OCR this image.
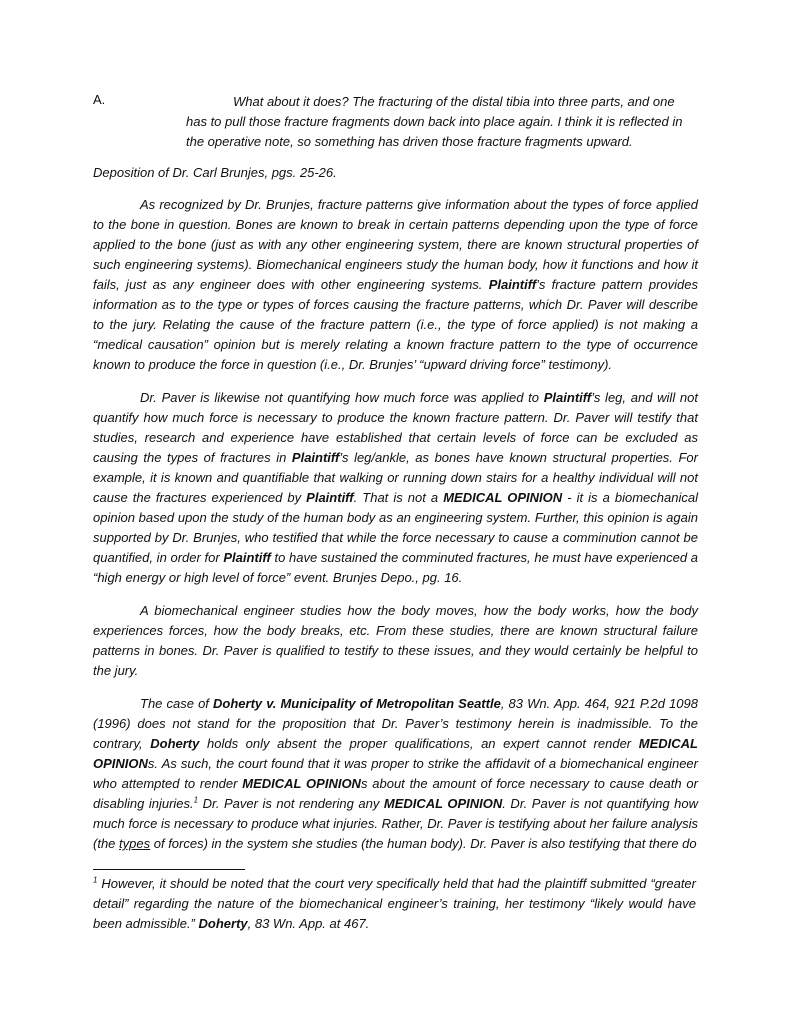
A.	What about it does? The fracturing of the distal tibia into three parts, and one has to pull those fracture fragments down back into place again. I think it is reflected in the operative note, so something has driven those fracture fragments upward.

Deposition of Dr. Carl Brunjes, pgs. 25-26.

As recognized by Dr. Brunjes, fracture patterns give information about the types of force applied to the bone in question. Bones are known to break in certain patterns depending upon the type of force applied to the bone (just as with any other engineering system, there are known structural properties of such engineering systems). Biomechanical engineers study the human body, how it functions and how it fails, just as any engineer does with other engineering systems. Plaintiff’s fracture pattern provides information as to the type or types of forces causing the fracture patterns, which Dr. Paver will describe to the jury. Relating the cause of the fracture pattern (i.e., the type of force applied) is not making a “medical causation” opinion but is merely relating a known fracture pattern to the type of occurrence known to produce the force in question (i.e., Dr. Brunjes’ “upward driving force” testimony).

Dr. Paver is likewise not quantifying how much force was applied to Plaintiff’s leg, and will not quantify how much force is necessary to produce the known fracture pattern. Dr. Paver will testify that studies, research and experience have established that certain levels of force can be excluded as causing the types of fractures in Plaintiff’s leg/ankle, as bones have known structural properties. For example, it is known and quantifiable that walking or running down stairs for a healthy individual will not cause the fractures experienced by Plaintiff. That is not a MEDICAL OPINION - it is a biomechanical opinion based upon the study of the human body as an engineering system. Further, this opinion is again supported by Dr. Brunjes, who testified that while the force necessary to cause a comminution cannot be quantified, in order for Plaintiff to have sustained the comminuted fractures, he must have experienced a “high energy or high level of force” event. Brunjes Depo., pg. 16.

A biomechanical engineer studies how the body moves, how the body works, how the body experiences forces, how the body breaks, etc. From these studies, there are known structural failure patterns in bones. Dr. Paver is qualified to testify to these issues, and they would certainly be helpful to the jury.

The case of Doherty v. Municipality of Metropolitan Seattle, 83 Wn. App. 464, 921 P.2d 1098 (1996) does not stand for the proposition that Dr. Paver’s testimony herein is inadmissible. To the contrary, Doherty holds only absent the proper qualifications, an expert cannot render MEDICAL OPINIONs. As such, the court found that it was proper to strike the affidavit of a biomechanical engineer who attempted to render MEDICAL OPINIONs about the amount of force necessary to cause death or disabling injuries.$^1$ Dr. Paver is not rendering any MEDICAL OPINION. Dr. Paver is not quantifying how much force is necessary to produce what injuries. Rather, Dr. Paver is testifying about her failure analysis (the types of forces) in the system she studies (the human body). Dr. Paver is also testifying that there do

$^1$ However, it should be noted that the court very specifically held that had the plaintiff submitted “greater detail” regarding the nature of the biomechanical engineer’s training, her testimony “likely would have been admissible.” Doherty, 83 Wn. App. at 467.
